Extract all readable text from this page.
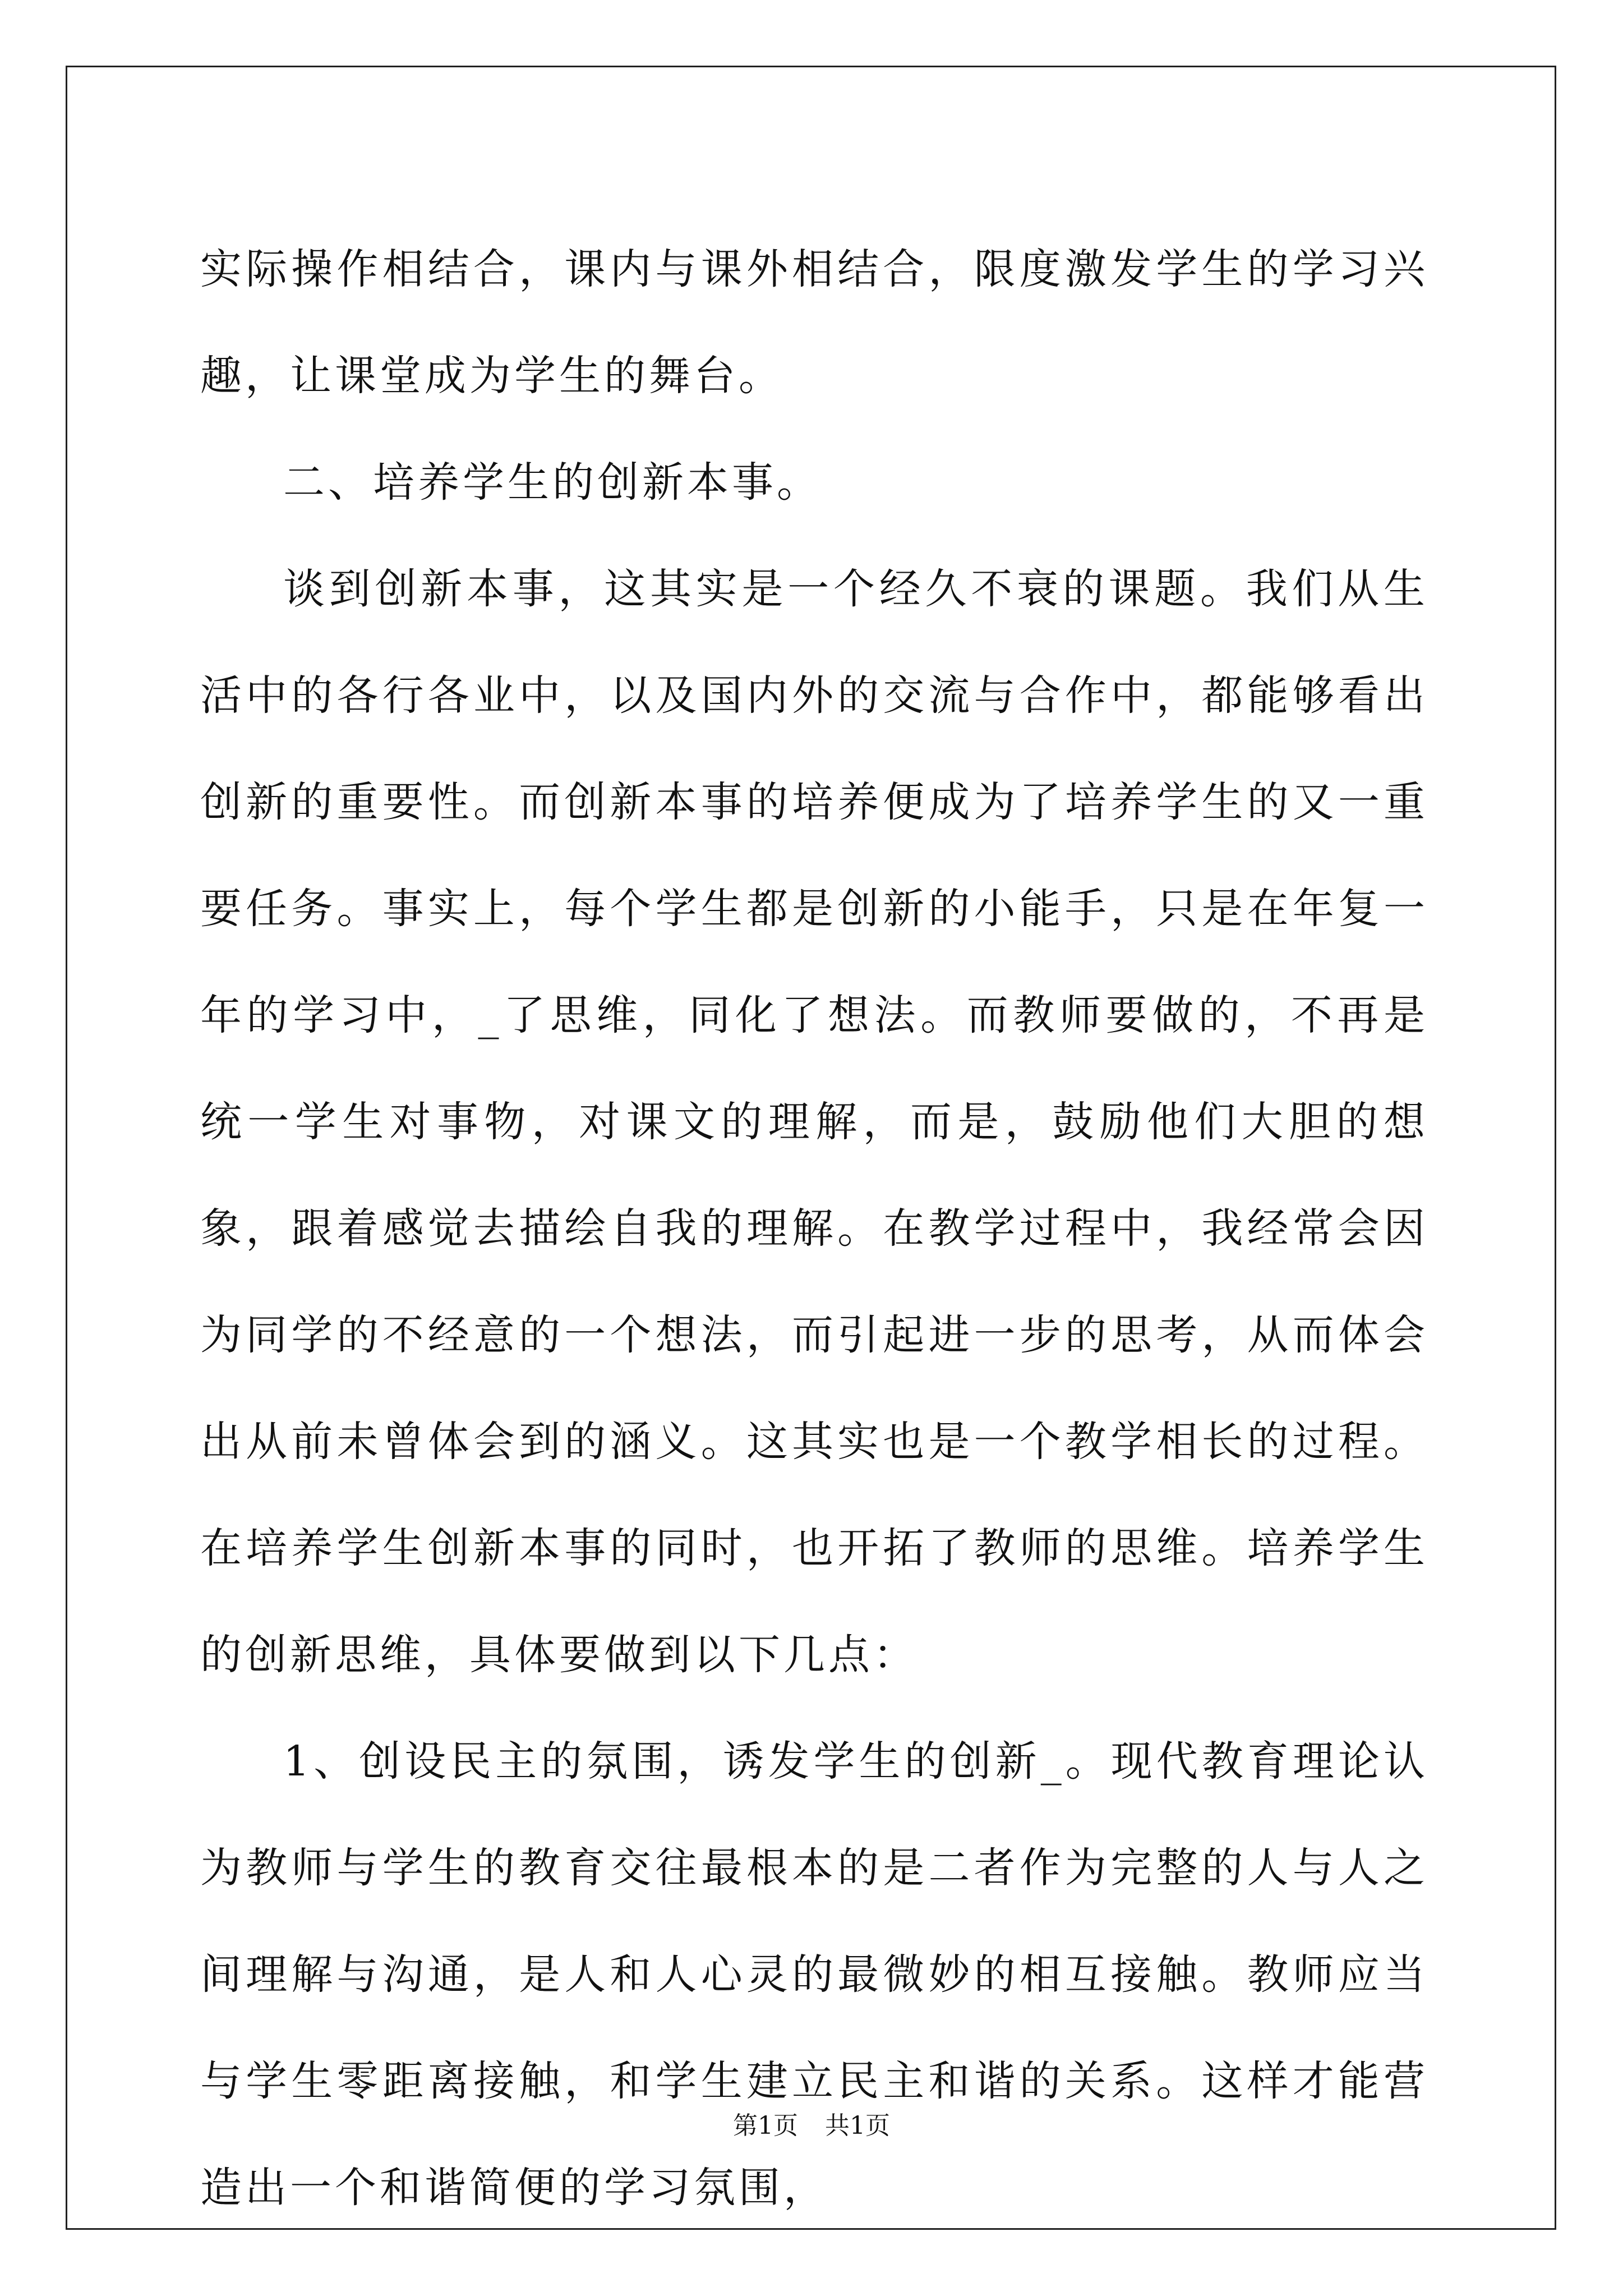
实际操作相结合，课内与课外相结合，限度激发学生的学习兴趣，让课堂成为学生的舞台。

二、培养学生的创新本事。

谈到创新本事，这其实是一个经久不衰的课题。我们从生活中的各行各业中，以及国内外的交流与合作中，都能够看出创新的重要性。而创新本事的培养便成为了培养学生的又一重要任务。事实上，每个学生都是创新的小能手，只是在年复一年的学习中，_了思维，同化了想法。而教师要做的，不再是统一学生对事物，对课文的理解，而是，鼓励他们大胆的想象，跟着感觉去描绘自我的理解。在教学过程中，我经常会因为同学的不经意的一个想法，而引起进一步的思考，从而体会出从前未曾体会到的涵义。这其实也是一个教学相长的过程。在培养学生创新本事的同时，也开拓了教师的思维。培养学生的创新思维，具体要做到以下几点：

1、创设民主的氛围，诱发学生的创新_。现代教育理论认为教师与学生的教育交往最根本的是二者作为完整的人与人之间理解与沟通，是人和人心灵的最微妙的相互接触。教师应当与学生零距离接触，和学生建立民主和谐的关系。这样才能营造出一个和谐简便的学习氛围，

第1页 共1页
